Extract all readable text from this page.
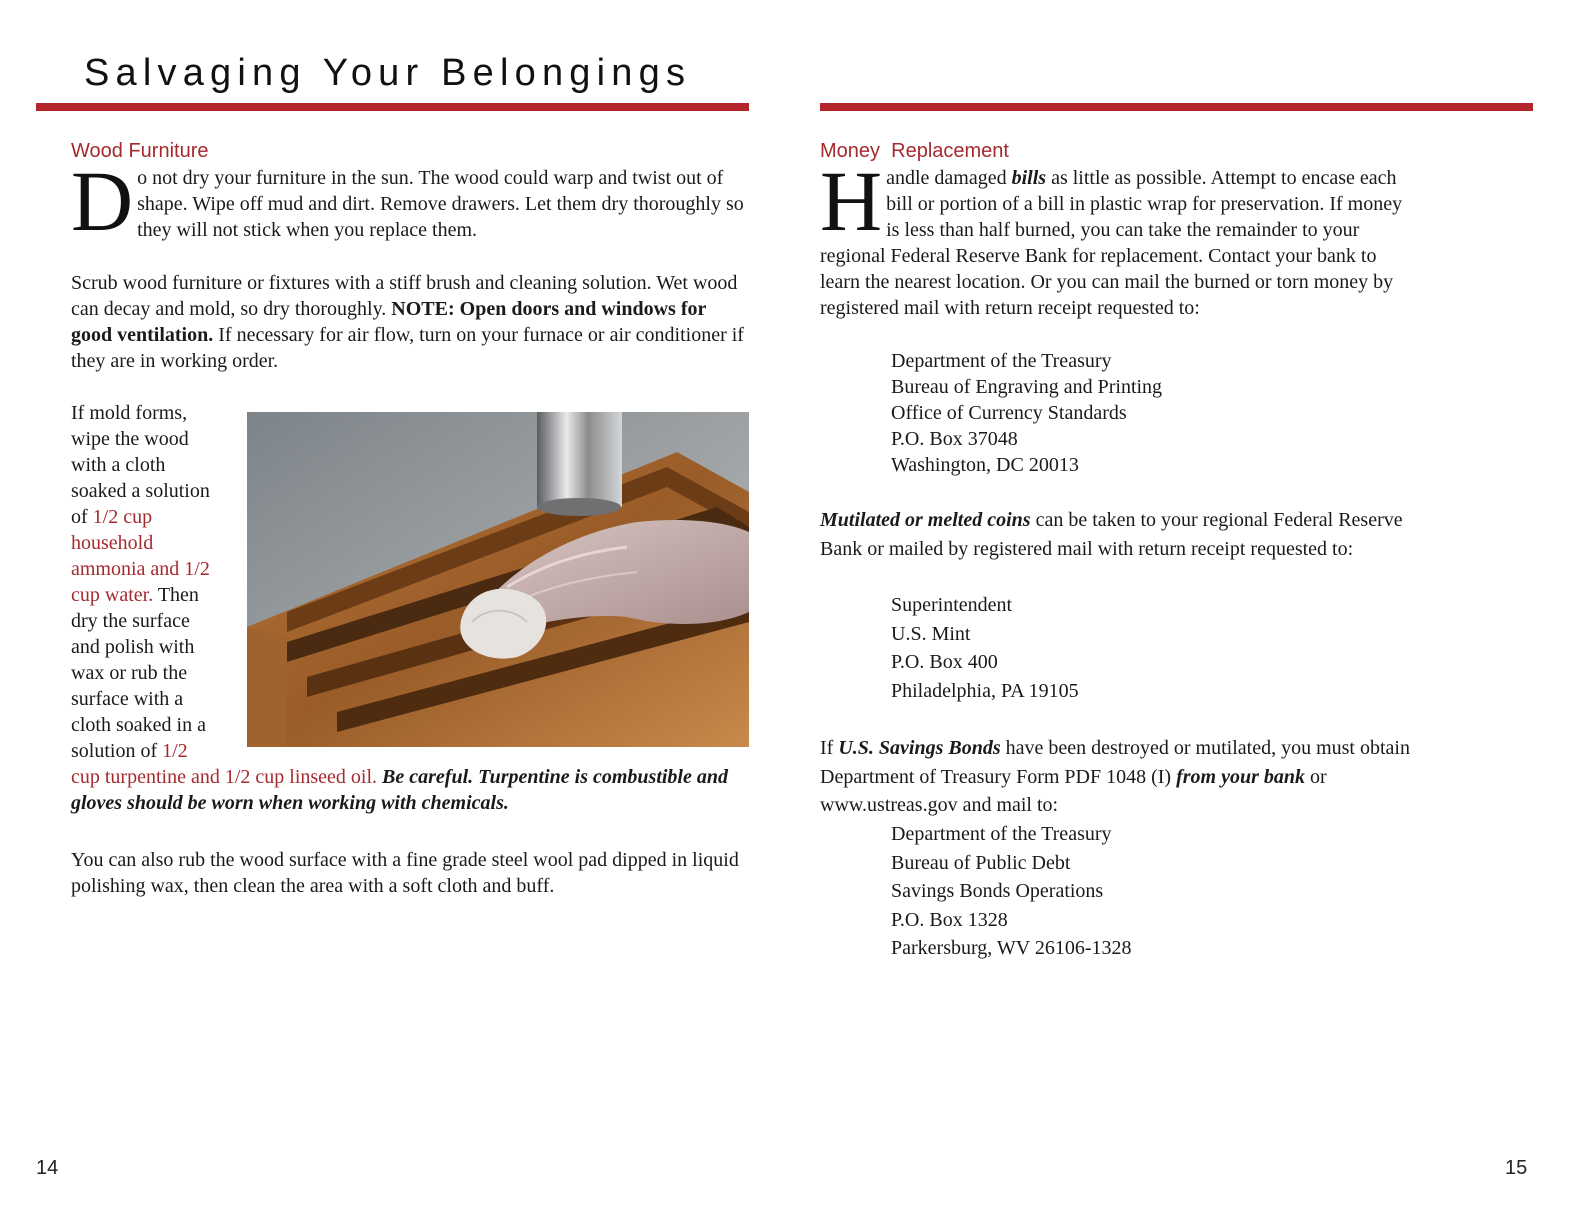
Salvaging Your Belongings
Wood Furniture

Do not dry your furniture in the sun. The wood could warp and twist out of shape. Wipe off mud and dirt. Remove drawers. Let them dry thoroughly so they will not stick when you replace them.

Scrub wood furniture or fixtures with a stiff brush and cleaning solution. Wet wood can decay and mold, so dry thoroughly. NOTE: Open doors and windows for good ventilation. If necessary for air flow, turn on your furnace or air conditioner if they are in working order.

If mold forms, wipe the wood with a cloth soaked a solution of 1/2 cup household ammonia and 1/2 cup water. Then dry the surface and polish with wax or rub the surface with a cloth soaked in a solution of 1/2 cup turpentine and 1/2 cup linseed oil. Be careful. Turpentine is combustible and gloves should be worn when working with chemicals.

You can also rub the wood surface with a fine grade steel wool pad dipped in liquid polishing wax, then clean the area with a soft cloth and buff.

Money  Replacement

Handle damaged bills as little as possible. Attempt to encase each bill or portion of a bill in plastic wrap for preservation. If money is less than half burned, you can take the remainder to your regional Federal Reserve Bank for replacement. Contact your bank to learn the nearest location. Or you can mail the burned or torn money by registered mail with return receipt requested to:

Department of the Treasury
Bureau of Engraving and Printing
Office of Currency Standards
P.O. Box 37048
Washington, DC 20013

Mutilated or melted coins can be taken to your regional Federal Reserve Bank or mailed by registered mail with return receipt requested to:

Superintendent
U.S. Mint
P.O. Box 400
Philadelphia, PA 19105

If U.S. Savings Bonds have been destroyed or mutilated, you must obtain Department of Treasury Form PDF 1048 (I) from your bank or www.ustreas.gov and mail to:

Department of the Treasury
Bureau of Public Debt
Savings Bonds Operations
P.O. Box 1328
Parkersburg, WV 26106-1328
14	15
